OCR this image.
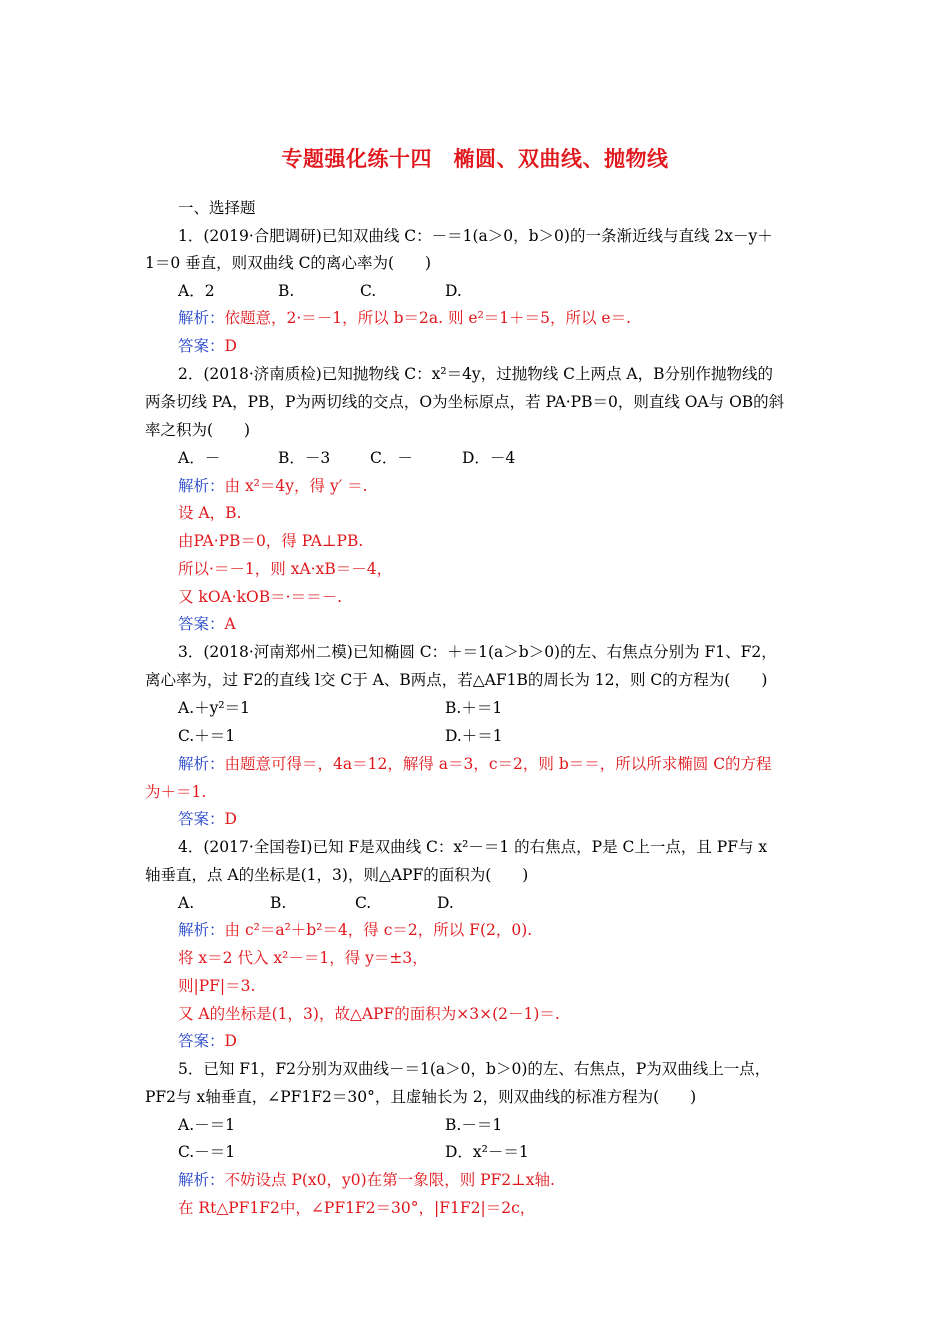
专题强化练十四　椭圆、双曲线、抛物线
一、选择题
1．(2019·合肥调研)已知双曲线 C：－＝1(a＞0，b＞0)的一条渐近线与直线 2x－y＋
1＝0 垂直，则双曲线 C的离心率为(　　)
解析：依题意，2·＝－1，所以 b＝2a. 则 e²＝1＋＝5，所以 e＝.
答案：D
2．(2018·济南质检)已知抛物线 C：x²＝4y，过抛物线 C上两点 A，B分别作抛物线的
两条切线 PA，PB，P为两切线的交点，O为坐标原点，若 PA·PB＝0，则直线 OA与 OB的斜
率之积为(　　)
解析：由 x²＝4y，得 y′ ＝.
设 A，B.
由PA·PB＝0，得 PA⊥PB.
所以·＝－1，则 xA·xB＝－4，
又 kOA·kOB＝·＝＝－.
答案：A
3．(2018·河南郑州二模)已知椭圆 C：＋＝1(a＞b＞0)的左、右焦点分别为 F1、F2，
离心率为，过 F2的直线 l交 C于 A、B两点，若△AF1B的周长为 12，则 C的方程为(　　)
解析：由题意可得＝，4a＝12，解得 a＝3，c＝2，则 b＝＝，所以所求椭圆 C的方程
为＋＝1.
答案：D
4．(2017·全国卷Ⅰ)已知 F是双曲线 C：x²－＝1 的右焦点，P是 C上一点，且 PF与 x
轴垂直，点 A的坐标是(1，3)，则△APF的面积为(　　)
解析：由 c²＝a²＋b²＝4，得 c＝2，所以 F(2，0).
将 x＝2 代入 x²－＝1，得 y＝±3，
则|PF|＝3.
又 A的坐标是(1，3)，故△APF的面积为×3×(2－1)＝.
答案：D
5．已知 F1，F2分别为双曲线－＝1(a＞0，b＞0)的左、右焦点，P为双曲线上一点，
PF2与 x轴垂直，∠PF1F2＝30°，且虚轴长为 2，则双曲线的标准方程为(　　)
解析：不妨设点 P(x0，y0)在第一象限，则 PF2⊥x轴.
在 Rt△PF1F2中，∠PF1F2＝30°，|F1F2|＝2c，
A．2	B.	C.	D.
A．－	B．－3	C．－	D．－4
A.＋y²＝1	B.＋＝1
C.＋＝1	D.＋＝1
A.	B.	C.	D.
A.－＝1	B.－＝1
C.－＝1	D．x²－＝1
